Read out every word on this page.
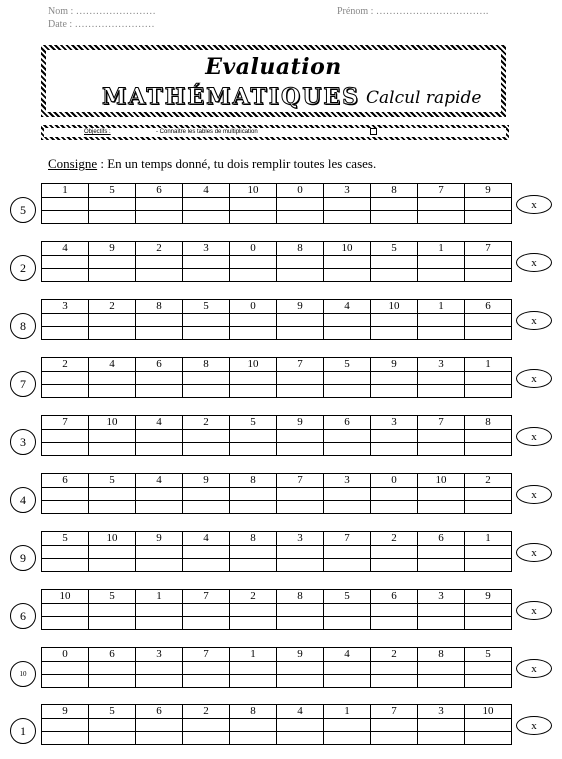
Nom : ……………………
Date : ……………………
Prénom : …………………………….
Evaluation
MATHÉMATIQUES Calcul rapide
Objectifs :	- Connaître les tables de multiplication
Consigne : En un temps donné, tu dois remplir toutes les cases.
5
1	5	6	4	10	0	3	8	7	9

x
2
4	9	2	3	0	8	10	5	1	7

x
8
3	2	8	5	0	9	4	10	1	6

x
7
2	4	6	8	10	7	5	9	3	1

x
3
7	10	4	2	5	9	6	3	7	8

x
4
6	5	4	9	8	7	3	0	10	2

x
9
5	10	9	4	8	3	7	2	6	1

x
6
10	5	1	7	2	8	5	6	3	9

x
10
0	6	3	7	1	9	4	2	8	5

x
1
9	5	6	2	8	4	1	7	3	10

x
